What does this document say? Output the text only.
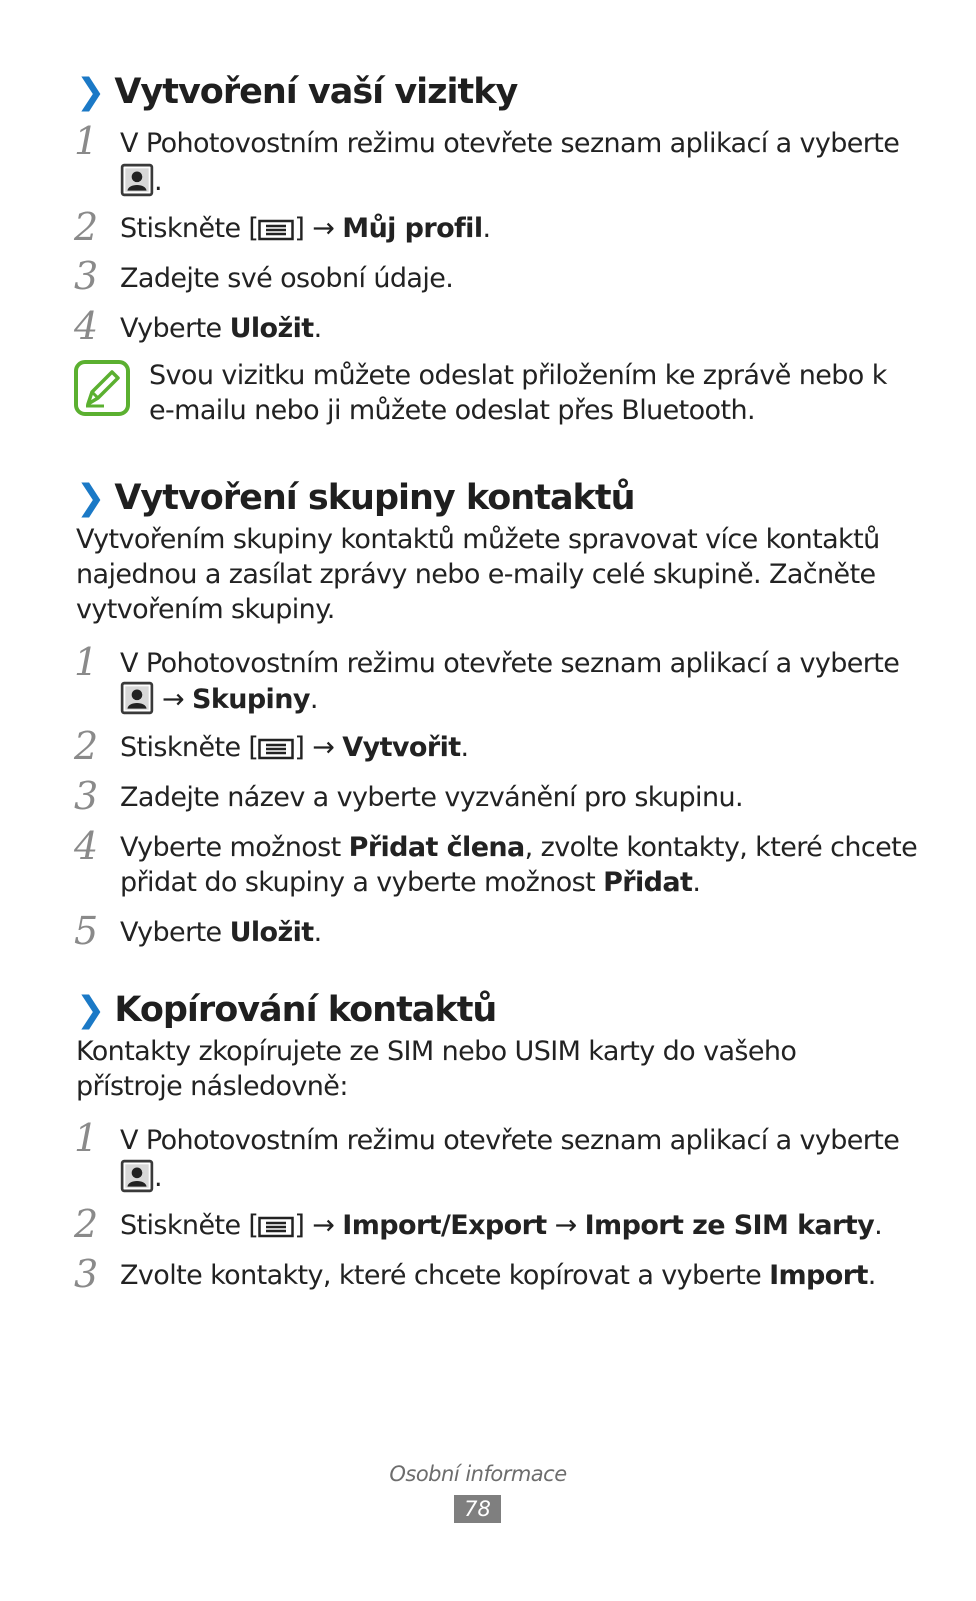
❯ Vytvoření vaší vizitky
1 V Pohotovostním režimu otevřete seznam aplikací a vyberte
.
2 Stiskněte [ ] → Můj profil.
3 Zadejte své osobní údaje.
4 Vyberte Uložit.
Svou vizitku můžete odeslat přiložením ke zprávě nebo k
e-mailu nebo ji můžete odeslat přes Bluetooth.
❯ Vytvoření skupiny kontaktů
Vytvořením skupiny kontaktů můžete spravovat více kontaktů
najednou a zasílat zprávy nebo e-maily celé skupině. Začněte
vytvořením skupiny.
1 V Pohotovostním režimu otevřete seznam aplikací a vyberte
→ Skupiny.
2 Stiskněte [ ] → Vytvořit.
3 Zadejte název a vyberte vyzvánění pro skupinu.
4 Vyberte možnost Přidat člena, zvolte kontakty, které chcete
přidat do skupiny a vyberte možnost Přidat.
5 Vyberte Uložit.
❯ Kopírování kontaktů
Kontakty zkopírujete ze SIM nebo USIM karty do vašeho
přístroje následovně:
1 V Pohotovostním režimu otevřete seznam aplikací a vyberte
.
2 Stiskněte [ ] → Import/Export → Import ze SIM karty.
3 Zvolte kontakty, které chcete kopírovat a vyberte Import.
Osobní informace
78
